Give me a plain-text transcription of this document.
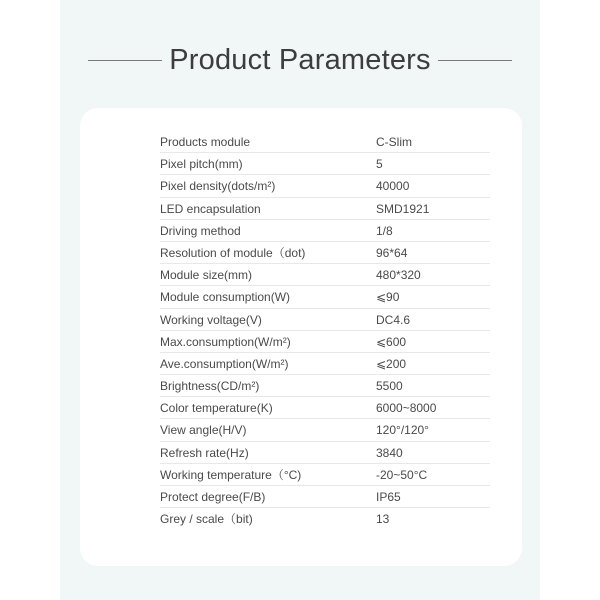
Product Parameters
Products module	C-Slim
Pixel pitch(mm)	5
Pixel density(dots/m²)	40000
LED encapsulation	SMD1921
Driving method	1/8
Resolution of module（dot)	96*64
Module size(mm)	480*320
Module consumption(W)	⩽90
Working voltage(V)	DC4.6
Max.consumption(W/m²)	⩽600
Ave.consumption(W/m²)	⩽200
Brightness(CD/m²)	5500
Color temperature(K)	6000~8000
View angle(H/V)	120°/120°
Refresh rate(Hz)	3840
Working temperature（°C)	-20~50°C
Protect degree(F/B)	IP65
Grey / scale（bit)	13
